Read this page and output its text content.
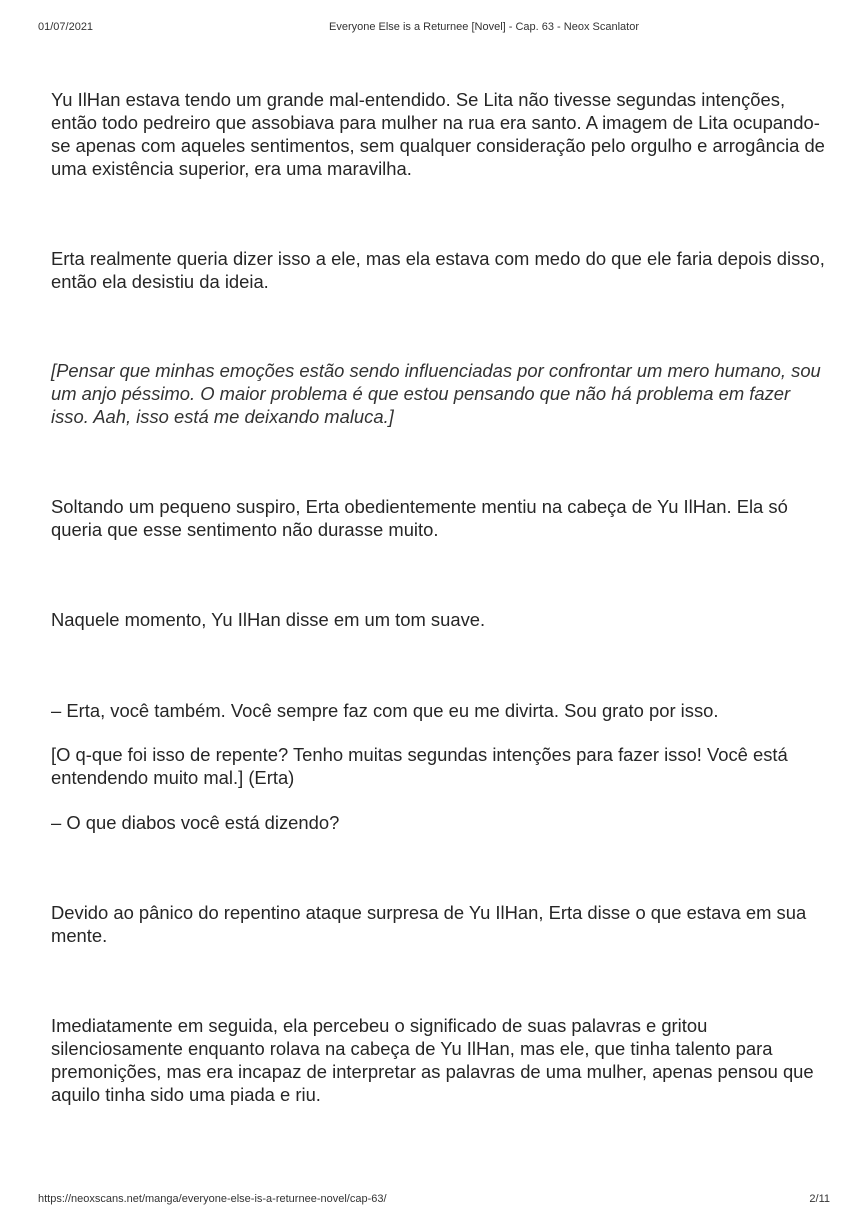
01/07/2021	Everyone Else is a Returnee [Novel] - Cap. 63 - Neox Scanlator

Yu IlHan estava tendo um grande mal-entendido. Se Lita não tivesse segundas intenções, então todo pedreiro que assobiava para mulher na rua era santo. A imagem de Lita ocupando-se apenas com aqueles sentimentos, sem qualquer consideração pelo orgulho e arrogância de uma existência superior, era uma maravilha.

Erta realmente queria dizer isso a ele, mas ela estava com medo do que ele faria depois disso, então ela desistiu da ideia.

[Pensar que minhas emoções estão sendo influenciadas por confrontar um mero humano, sou um anjo péssimo. O maior problema é que estou pensando que não há problema em fazer isso. Aah, isso está me deixando maluca.]

Soltando um pequeno suspiro, Erta obedientemente mentiu na cabeça de Yu IlHan. Ela só queria que esse sentimento não durasse muito.

Naquele momento, Yu IlHan disse em um tom suave.

– Erta, você também. Você sempre faz com que eu me divirta. Sou grato por isso.

[O q-que foi isso de repente? Tenho muitas segundas intenções para fazer isso! Você está entendendo muito mal.] (Erta)

– O que diabos você está dizendo?

Devido ao pânico do repentino ataque surpresa de Yu IlHan, Erta disse o que estava em sua mente.

Imediatamente em seguida, ela percebeu o significado de suas palavras e gritou silenciosamente enquanto rolava na cabeça de Yu IlHan, mas ele, que tinha talento para premonições, mas era incapaz de interpretar as palavras de uma mulher, apenas pensou que aquilo tinha sido uma piada e riu.

https://neoxscans.net/manga/everyone-else-is-a-returnee-novel/cap-63/	2/11
